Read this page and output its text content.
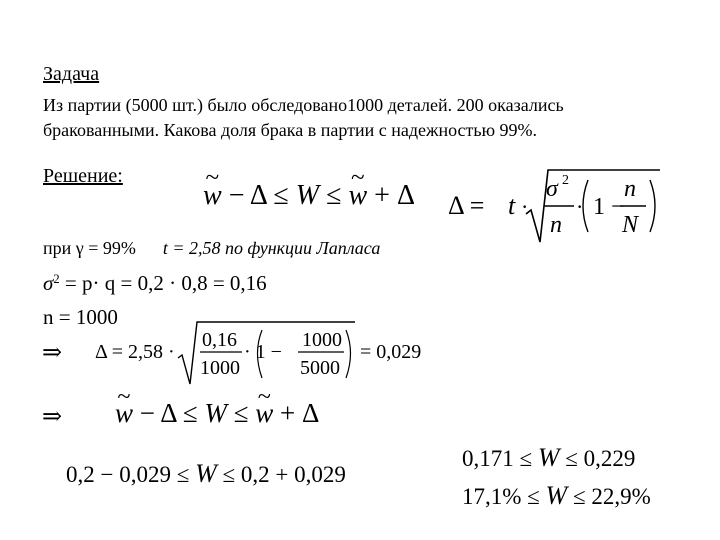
Задача
Из партии (5000 шт.) было обследовано1000 деталей. 200 оказались
бракованными. Какова доля брака в партии с надежностью 99%.
Решение:
~ w − Δ ≤ W ≤ ~ w + Δ Δ = t ·
σ 2
n
· 1 −
n
N
при γ = 99% t = 2,58 по функции Лапласа
$\sigma^2 = p\cdot q = 0,2 \cdot 0,8 = 0,16$
n = 1000
⇒ Δ = 2,58 ·
0,16
1000
· 1 −
1000
5000
= 0,029
⇒ ~ w − Δ ≤ W ≤ ~ w + Δ
0,2 − 0,029 ≤ W ≤ 0,2 + 0,029
0,171 ≤ W ≤ 0,229
17,1% ≤ W ≤ 22,9%
